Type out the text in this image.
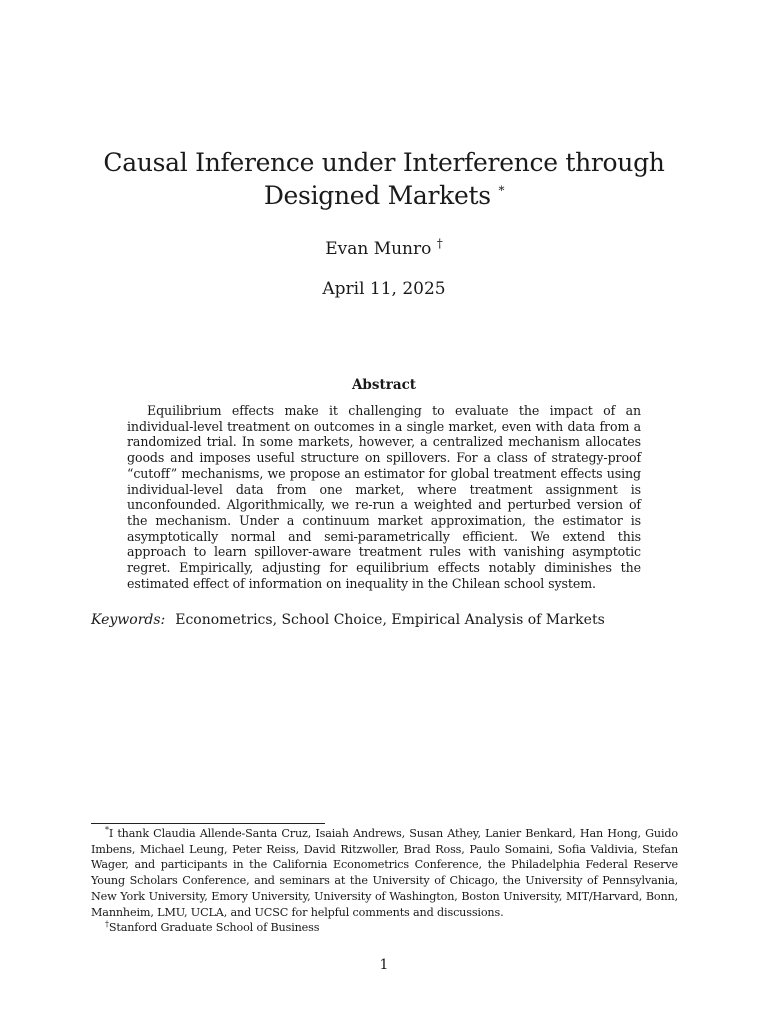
Causal Inference under Interference through Designed Markets *
Evan Munro †
April 11, 2025
Abstract
Equilibrium effects make it challenging to evaluate the impact of an individual-level treatment on outcomes in a single market, even with data from a randomized trial. In some markets, however, a centralized mechanism allocates goods and imposes useful structure on spillovers. For a class of strategy-proof “cutoff” mechanisms, we propose an estimator for global treatment effects using individual-level data from one market, where treatment assignment is unconfounded. Algorithmically, we re-run a weighted and perturbed version of the mechanism. Under a continuum market approximation, the estimator is asymptotically normal and semi-parametrically efficient. We extend this approach to learn spillover-aware treatment rules with vanishing asymptotic regret. Empirically, adjusting for equilibrium effects notably diminishes the estimated effect of information on inequality in the Chilean school system.
Keywords: Econometrics, School Choice, Empirical Analysis of Markets

*I thank Claudia Allende-Santa Cruz, Isaiah Andrews, Susan Athey, Lanier Benkard, Han Hong, Guido Imbens, Michael Leung, Peter Reiss, David Ritzwoller, Brad Ross, Paulo Somaini, Sofia Valdivia, Stefan Wager, and participants in the California Econometrics Conference, the Philadelphia Federal Reserve Young Scholars Conference, and seminars at the University of Chicago, the University of Pennsylvania, New York University, Emory University, University of Washington, Boston University, MIT/Harvard, Bonn, Mannheim, LMU, UCLA, and UCSC for helpful comments and discussions.

†Stanford Graduate School of Business

1
